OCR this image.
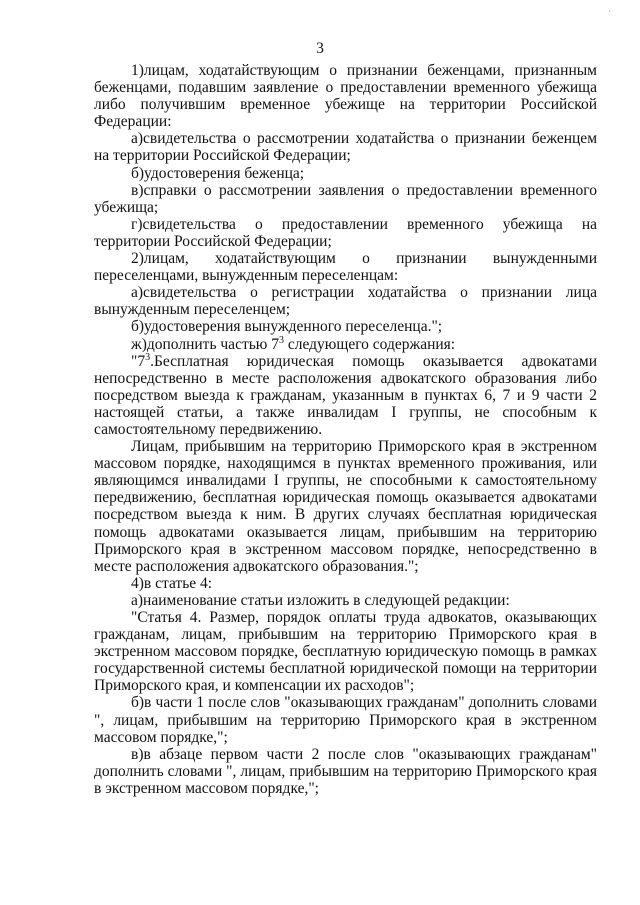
·
3

1)лицам, ходатайствующим о признании беженцами, признанным беженцами, подавшим заявление о предоставлении временного убежища либо получившим временное убежище на территории Российской Федерации:

а)свидетельства о рассмотрении ходатайства о признании беженцем на территории Российской Федерации;

б)удостоверения беженца;

в)справки о рассмотрении заявления о предоставлении временного убежища;

г)свидетельства о предоставлении временного убежища на территории Российской Федерации;

2)лицам, ходатайствующим о признании вынужденными переселенцами, вынужденным переселенцам:

а)свидетельства о регистрации ходатайства о признании лица вынужденным переселенцем;

б)удостоверения вынужденного переселенца.";

ж)дополнить частью $7^3$ следующего содержания:

"$7^3.Бесплатная$ юридическая помощь оказывается адвокатами непосредственно в месте расположения адвокатского образования либо посредством выезда к гражданам, указанным в пунктах 6, 7 и 9 части 2 настоящей статьи, а также инвалидам I группы, не способным к самостоятельному передвижению.

Лицам, прибывшим на территорию Приморского края в экстренном массовом порядке, находящимся в пунктах временного проживания, или являющимся инвалидами I группы, не способными к самостоятельному передвижению, бесплатная юридическая помощь оказывается адвокатами посредством выезда к ним. В других случаях бесплатная юридическая помощь адвокатами оказывается лицам, прибывшим на территорию Приморского края в экстренном массовом порядке, непосредственно в месте расположения адвокатского образования.";

4)в статье 4:

а)наименование статьи изложить в следующей редакции:

"Статья 4. Размер, порядок оплаты труда адвокатов, оказывающих гражданам, лицам, прибывшим на территорию Приморского края в экстренном массовом порядке, бесплатную юридическую помощь в рамках государственной системы бесплатной юридической помощи на территории Приморского края, и компенсации их расходов";

б)в части 1 после слов "оказывающих гражданам" дополнить словами ", лицам, прибывшим на территорию Приморского края в экстренном массовом порядке,";

в)в абзаце первом части 2 после слов "оказывающих гражданам" дополнить словами ", лицам, прибывшим на территорию Приморского края в экстренном массовом порядке,";
